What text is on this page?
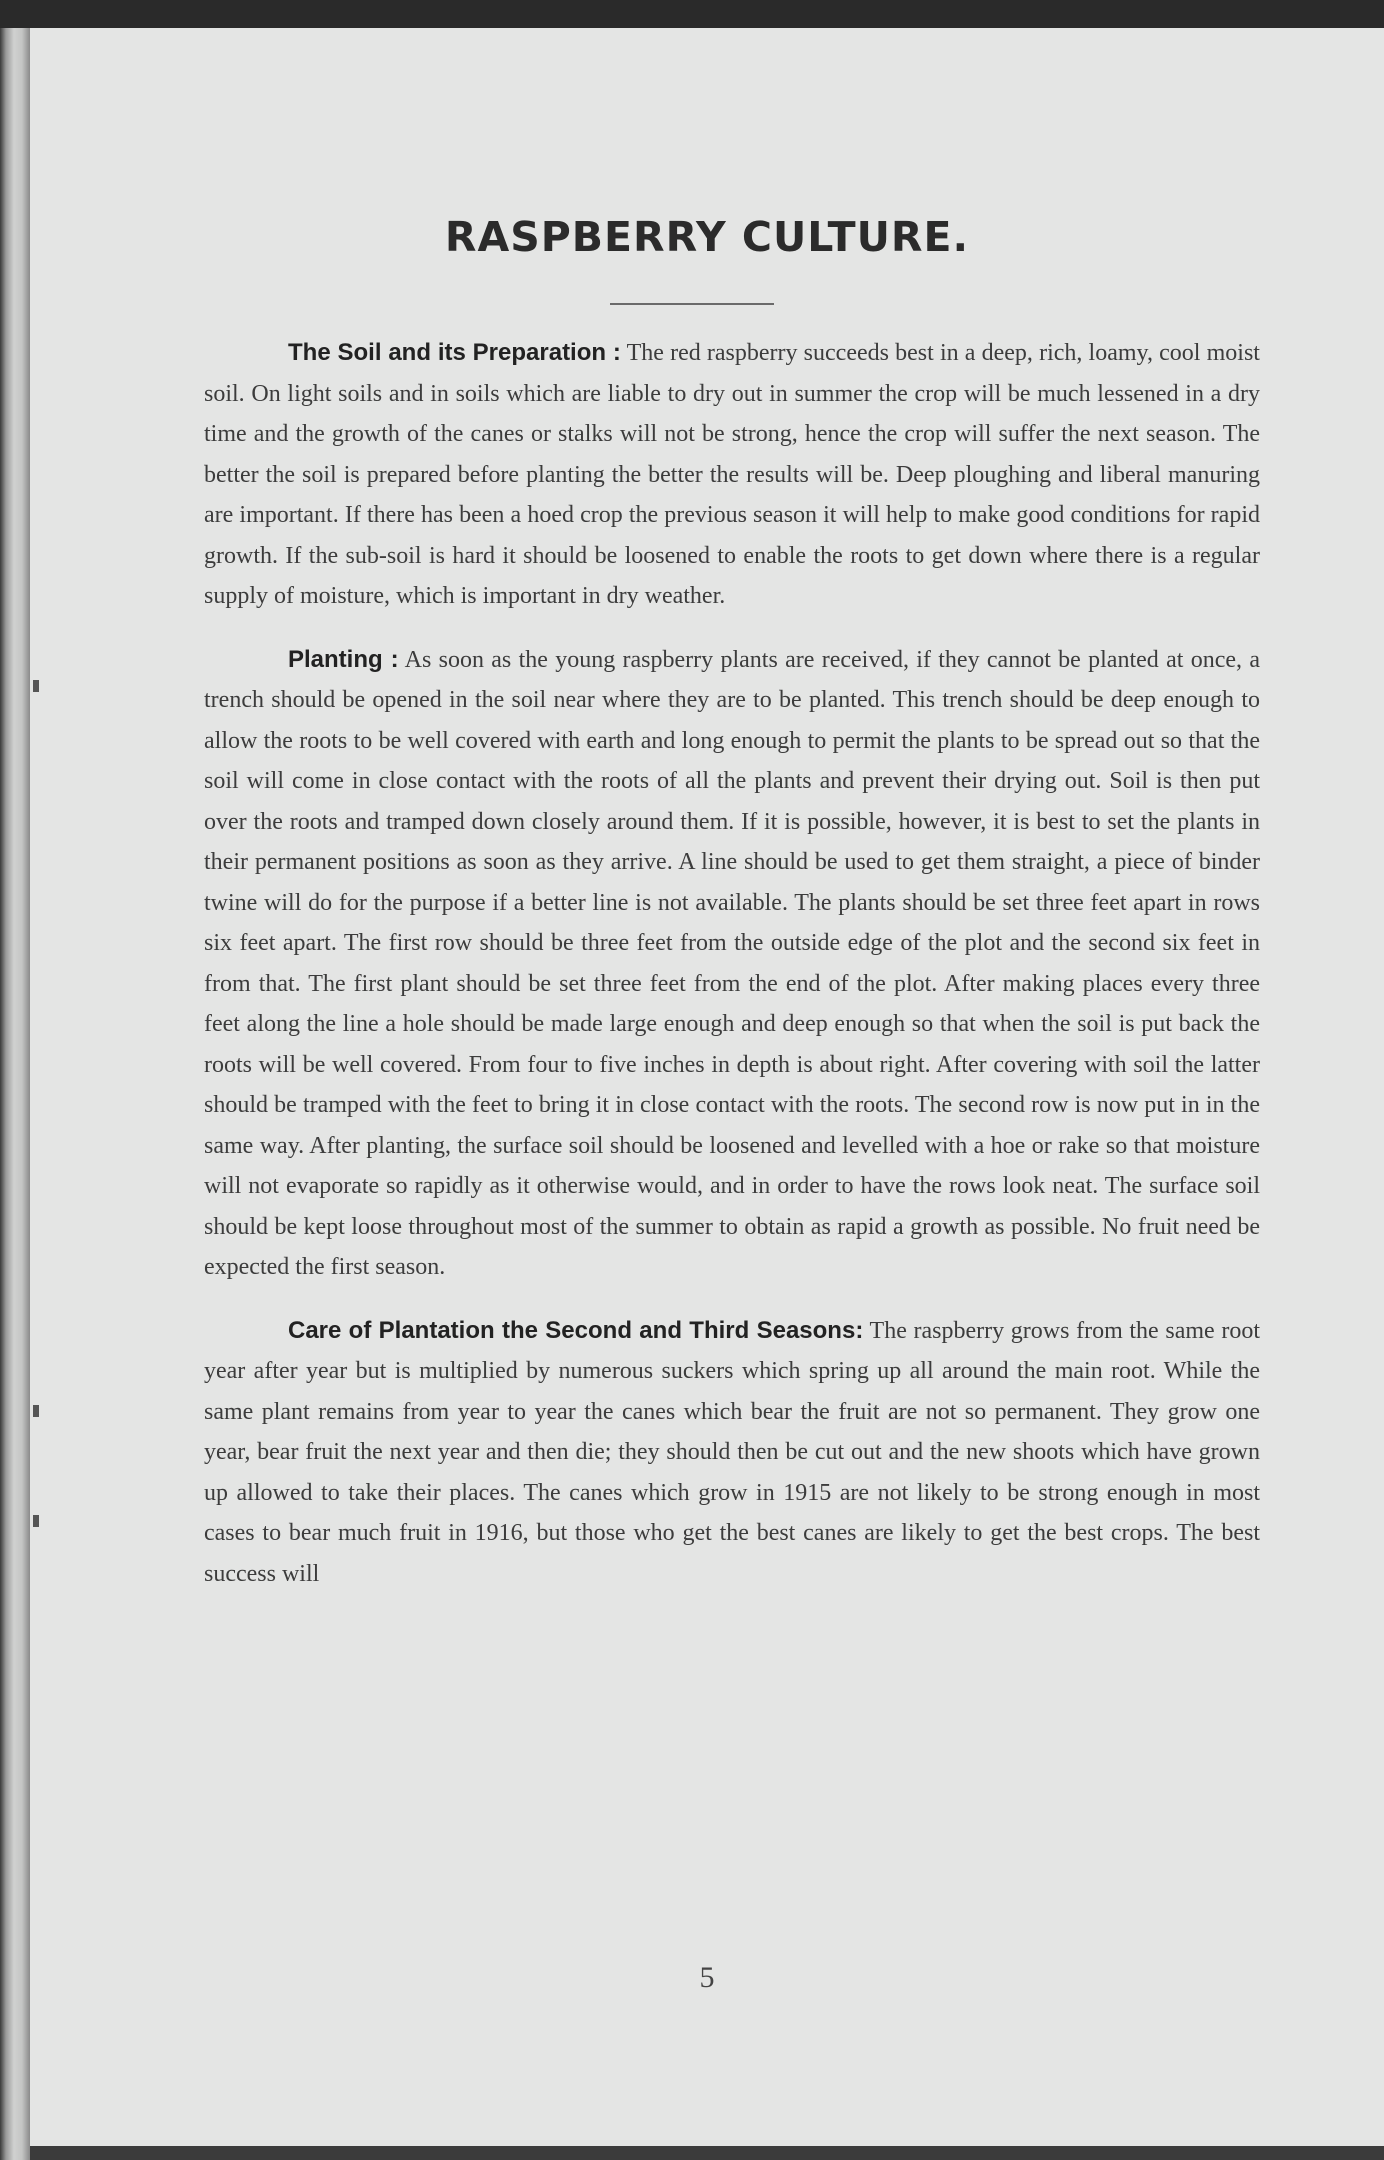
RASPBERRY CULTURE.

The Soil and its Preparation : The red raspberry succeeds best in a deep, rich, loamy, cool moist soil. On light soils and in soils which are liable to dry out in summer the crop will be much lessened in a dry time and the growth of the canes or stalks will not be strong, hence the crop will suffer the next season. The better the soil is prepared before planting the better the results will be. Deep ploughing and liberal manuring are important. If there has been a hoed crop the previous season it will help to make good conditions for rapid growth. If the sub-soil is hard it should be loosened to enable the roots to get down where there is a regular supply of moisture, which is important in dry weather.

Planting : As soon as the young raspberry plants are received, if they cannot be planted at once, a trench should be opened in the soil near where they are to be planted. This trench should be deep enough to allow the roots to be well covered with earth and long enough to permit the plants to be spread out so that the soil will come in close contact with the roots of all the plants and prevent their drying out. Soil is then put over the roots and tramped down closely around them. If it is possible, however, it is best to set the plants in their permanent positions as soon as they arrive. A line should be used to get them straight, a piece of binder twine will do for the purpose if a better line is not available. The plants should be set three feet apart in rows six feet apart. The first row should be three feet from the outside edge of the plot and the second six feet in from that. The first plant should be set three feet from the end of the plot. After making places every three feet along the line a hole should be made large enough and deep enough so that when the soil is put back the roots will be well covered. From four to five inches in depth is about right. After covering with soil the latter should be tramped with the feet to bring it in close contact with the roots. The second row is now put in in the same way. After planting, the surface soil should be loosened and levelled with a hoe or rake so that moisture will not evaporate so rapidly as it otherwise would, and in order to have the rows look neat. The surface soil should be kept loose throughout most of the summer to obtain as rapid a growth as possible. No fruit need be expected the first season.

Care of Plantation the Second and Third Seasons: The raspberry grows from the same root year after year but is multiplied by numerous suckers which spring up all around the main root. While the same plant remains from year to year the canes which bear the fruit are not so permanent. They grow one year, bear fruit the next year and then die; they should then be cut out and the new shoots which have grown up allowed to take their places. The canes which grow in 1915 are not likely to be strong enough in most cases to bear much fruit in 1916, but those who get the best canes are likely to get the best crops. The best success will

5
